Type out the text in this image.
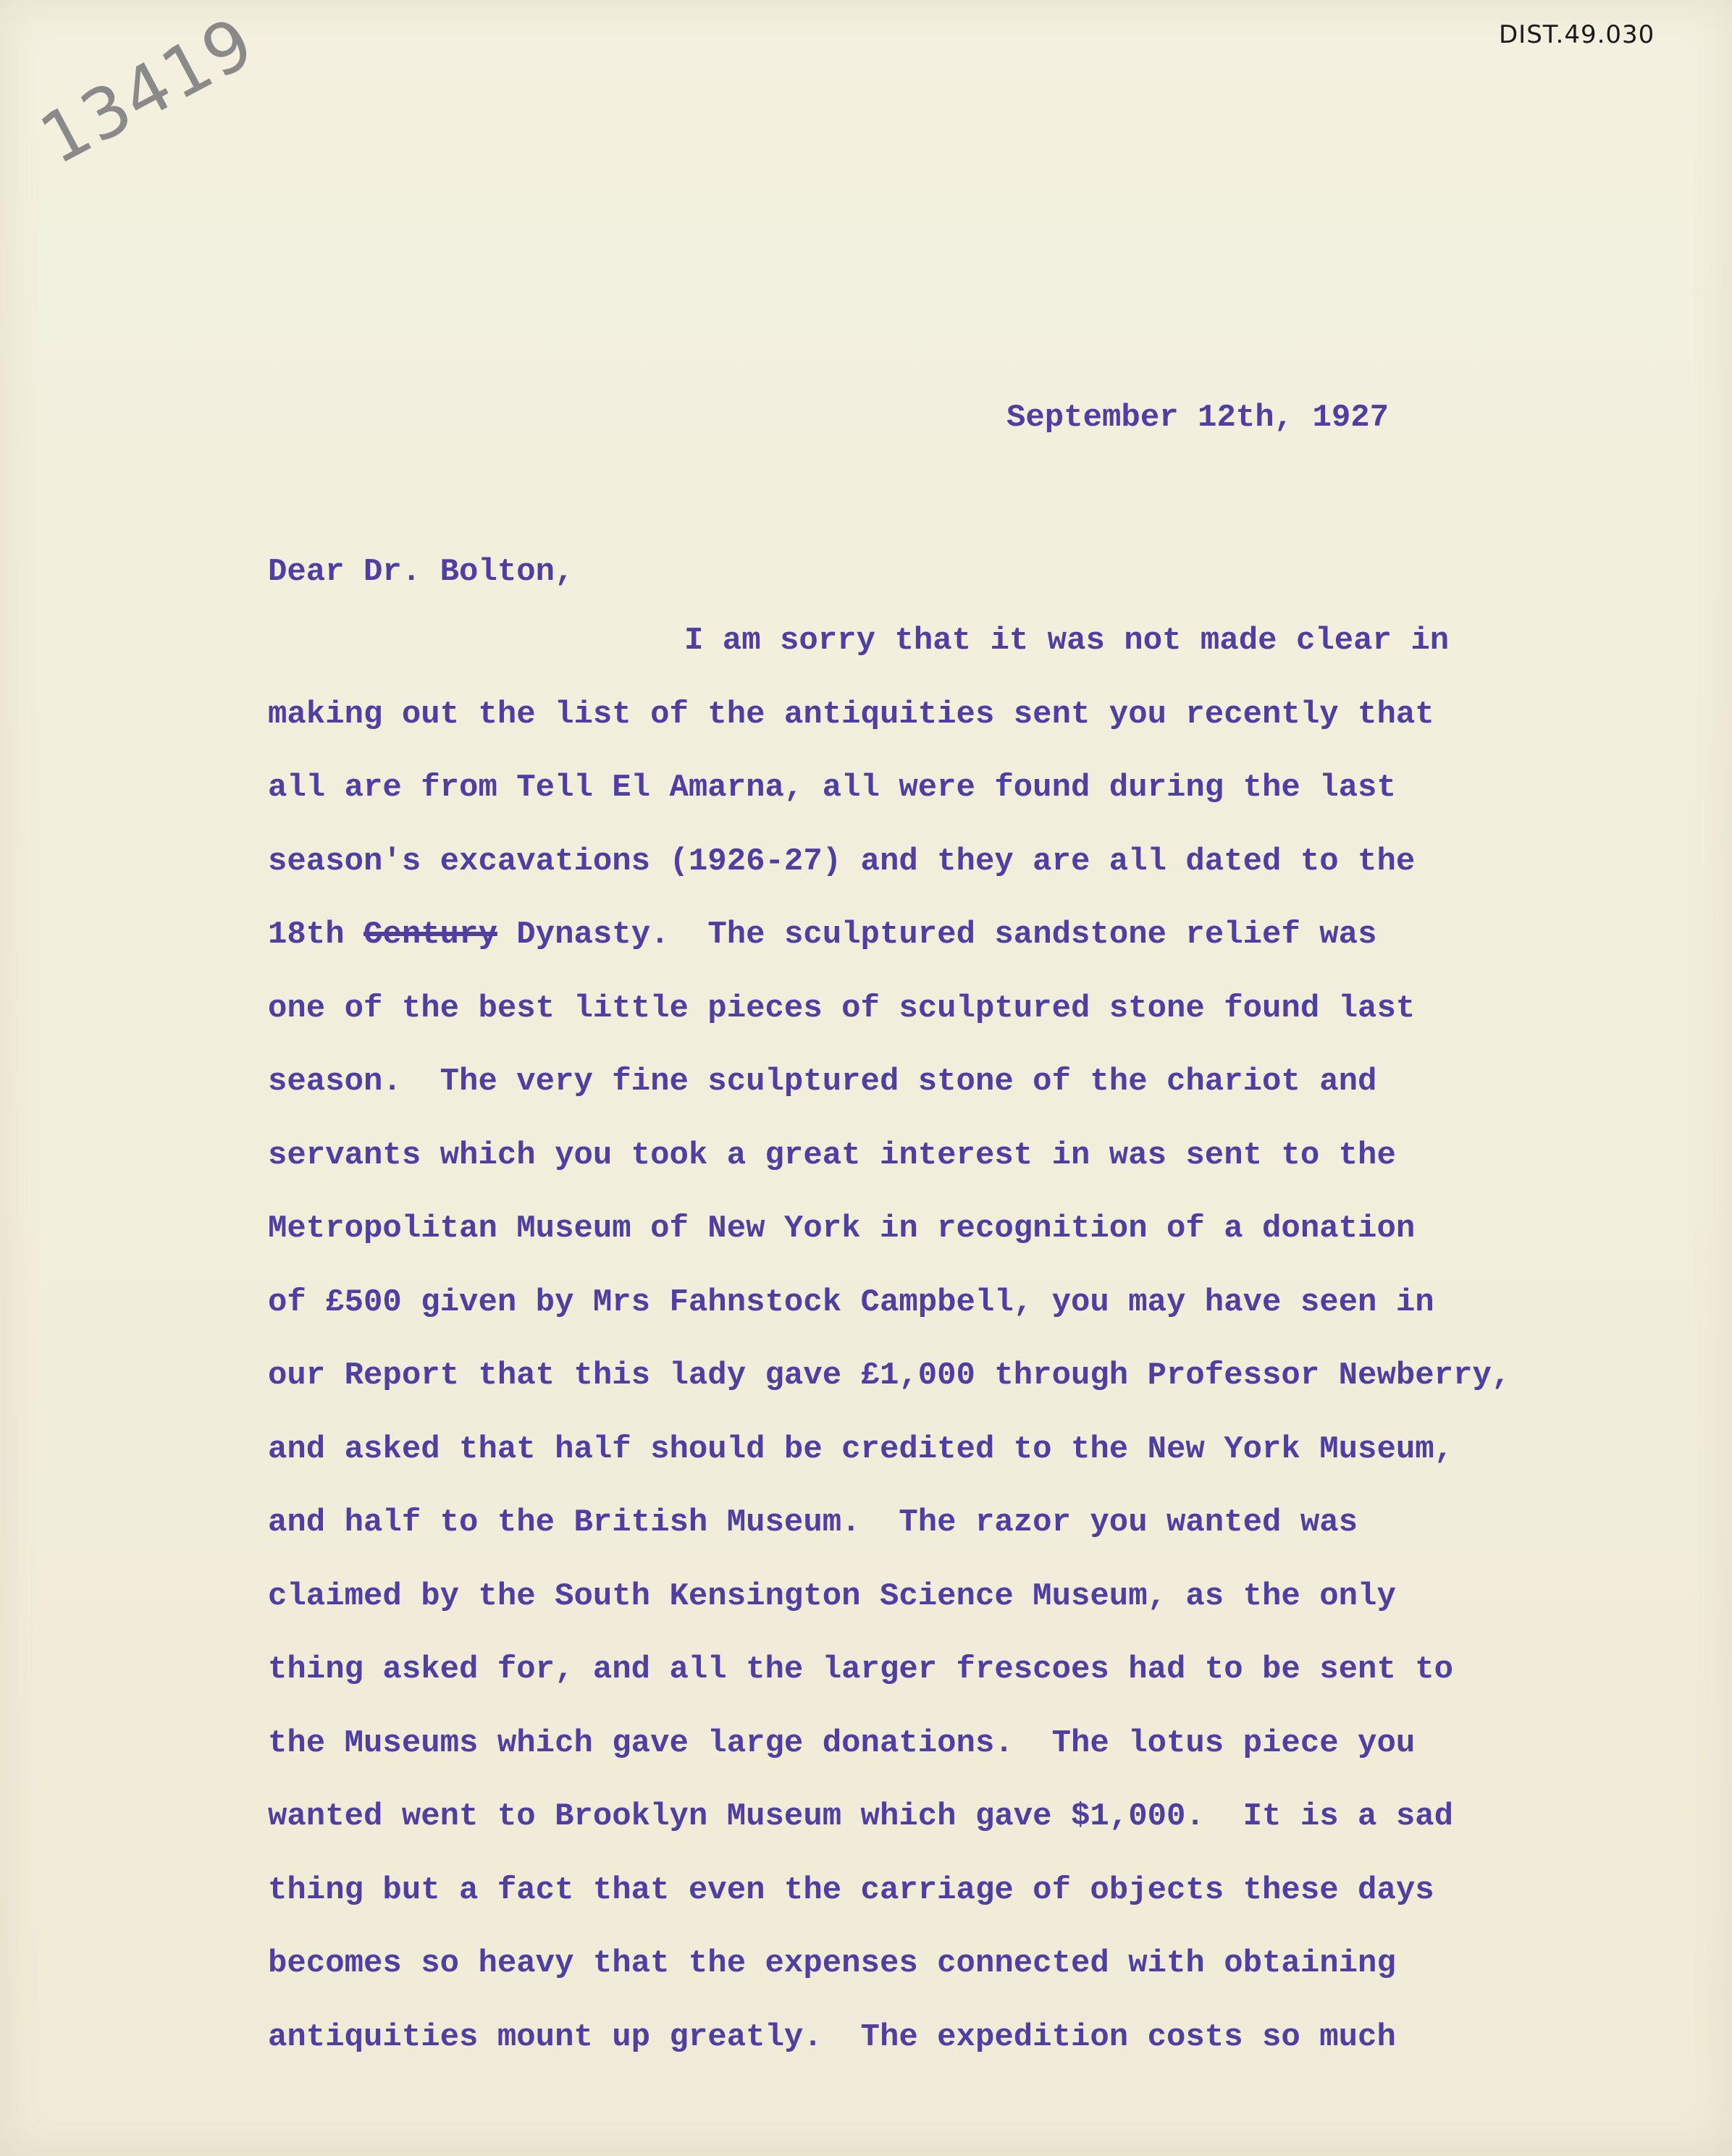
DIST.49.030
13419
September 12th, 1927
Dear Dr. Bolton,
I am sorry that it was not made clear in
making out the list of the antiquities sent you recently that
all are from Tell El Amarna, all were found during the last
season's excavations (1926-27) and they are all dated to the
18th Century Dynasty.  The sculptured sandstone relief was
one of the best little pieces of sculptured stone found last
season.  The very fine sculptured stone of the chariot and
servants which you took a great interest in was sent to the
Metropolitan Museum of New York in recognition of a donation
of £500 given by Mrs Fahnstock Campbell, you may have seen in
our Report that this lady gave £1,000 through Professor Newberry,
and asked that half should be credited to the New York Museum,
and half to the British Museum.  The razor you wanted was
claimed by the South Kensington Science Museum, as the only
thing asked for, and all the larger frescoes had to be sent to
the Museums which gave large donations.  The lotus piece you
wanted went to Brooklyn Museum which gave $1,000.  It is a sad
thing but a fact that even the carriage of objects these days
becomes so heavy that the expenses connected with obtaining
antiquities mount up greatly.  The expedition costs so much
